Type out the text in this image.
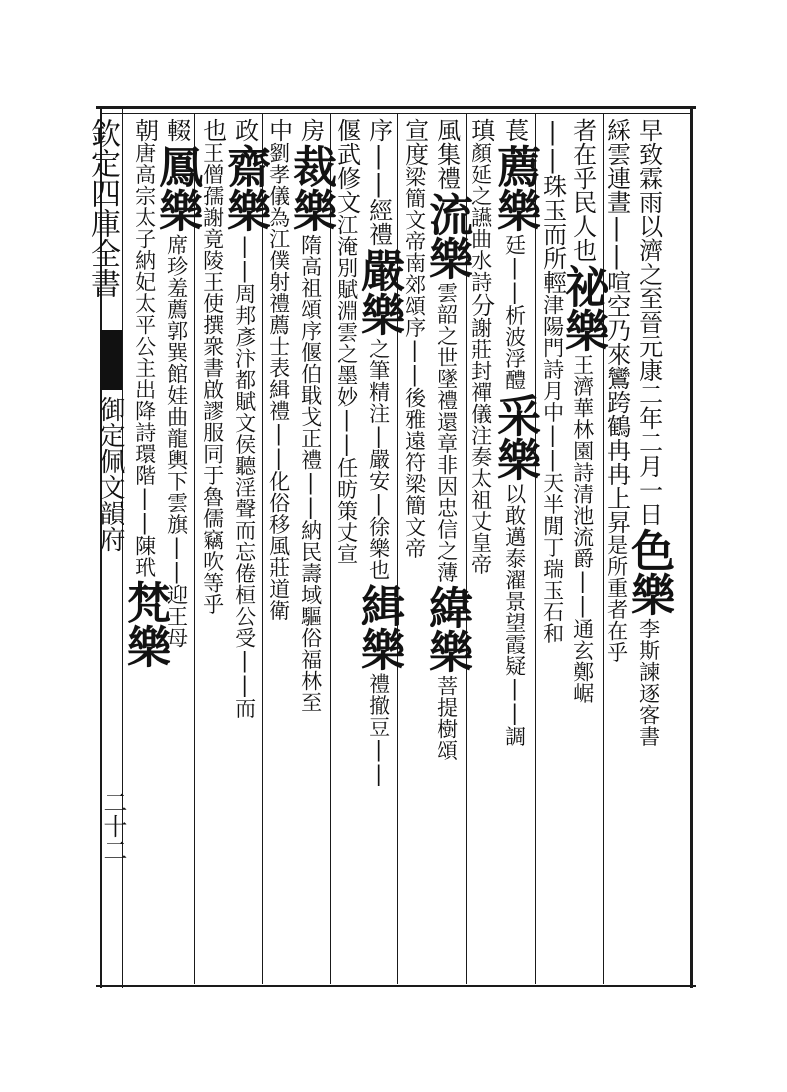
欽定四庫全書
御定佩文韻府
二十二
早致霖雨以濟之至晉元康二年二月一日
色樂
李斯諫逐客書
綵雲連晝||喧空乃來鸞跨鶴冉冉上昇
是所重者在乎
者在乎民人也
祕樂
王濟華林園詩清池流爵||通玄鄭崌
||珠玉而所輕
津陽門詩月中||天半閒丁瑞玉石和
萇
薦樂
廷||析波浮醴
采樂
以敢邁泰濯景望霞疑||調
瑱
顏延之讌曲水詩
分
謝莊封禪儀注奏太祖丈皇帝
風集禮
流樂
雲韶之世墜禮還章非因忠信之薄
緯樂
菩提樹頌
宣度
梁簡文帝南郊頌序||後雅遠符
梁簡文帝
序||經禮
嚴樂
之筆精注|嚴安|徐樂也
緝樂
禮撤豆||
偃武修文
江淹別賦淵雲之墨妙||
任昉策丈宣
房
裁樂
隋高祖頌序偃伯戢戈正禮||納民壽域驅俗福林至
中
劉孝儀為江僕射禮薦士表緝禮||化俗移風莊道衛
政
齋樂
||周邦彥汴都賦文侯聽淫聲而忘倦桓公受||而
也
王僧孺謝竟陵王使撰衆書啟謬服同于魯儒竊吹等乎
輟
鳳樂
席珍羞薦郭巽館娃曲龍輿下雲旗||迎王母
朝
唐高宗太子納妃太平公主出降詩環階||陳玳
梵樂
